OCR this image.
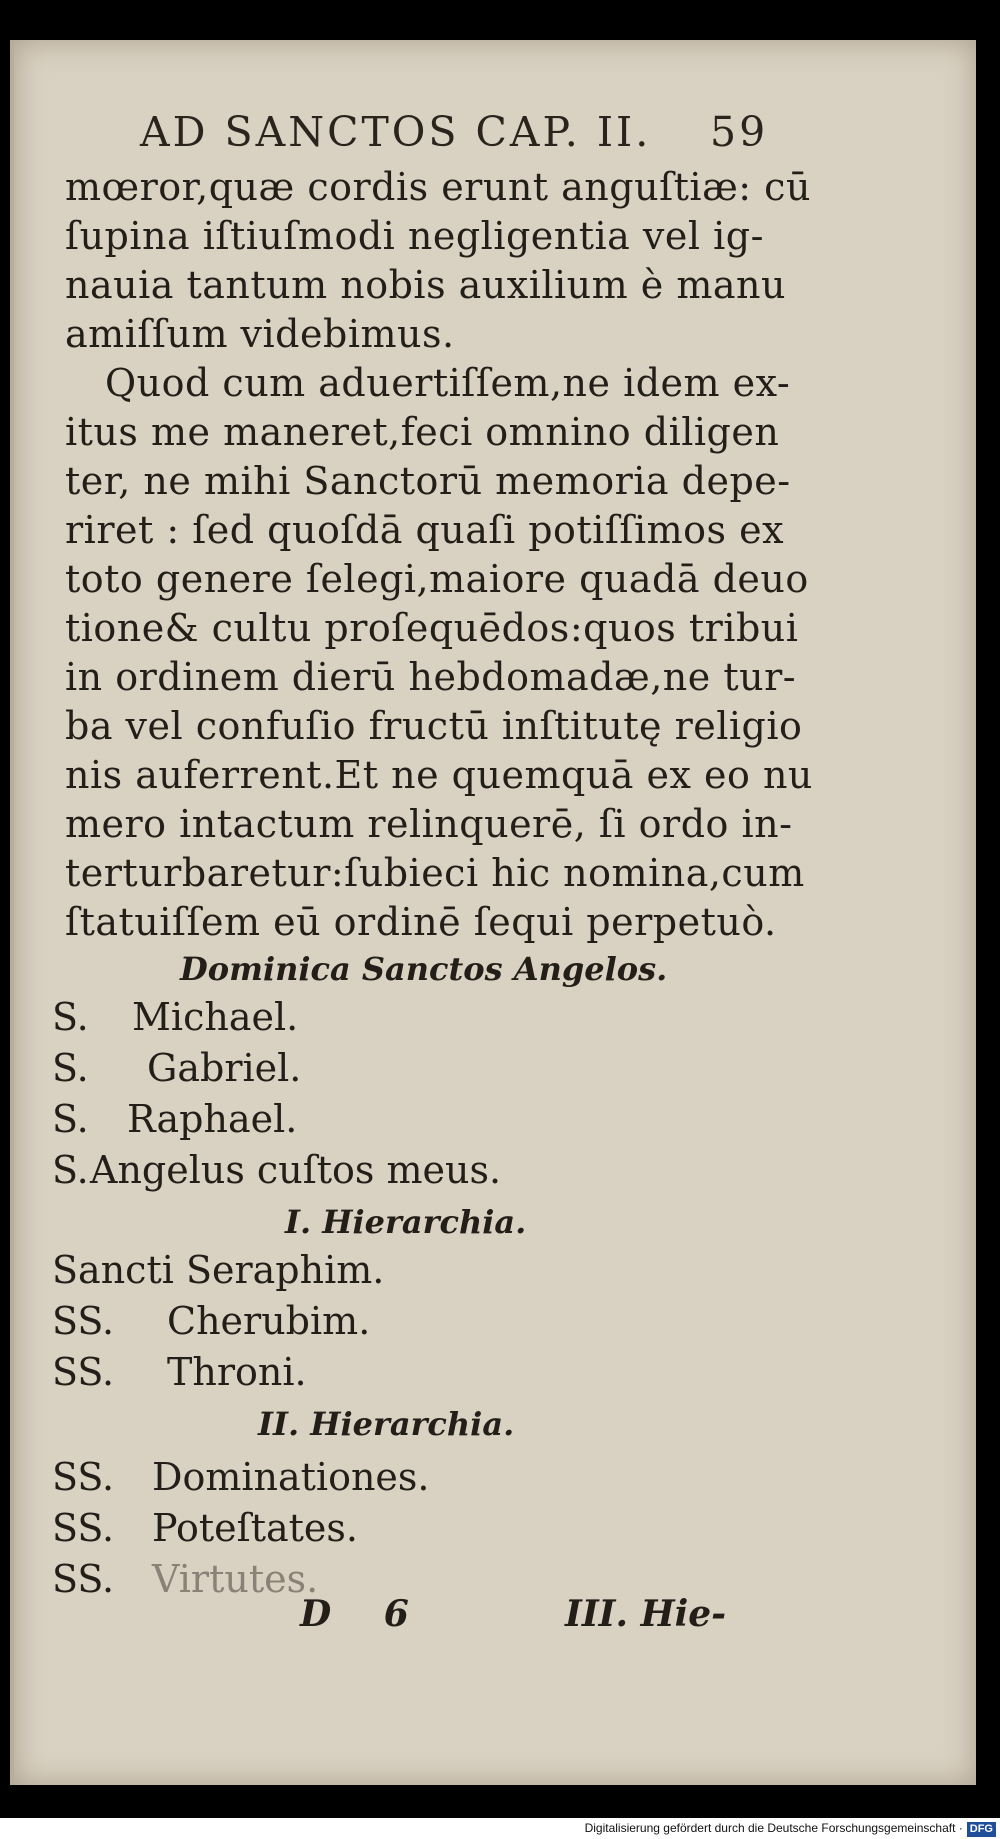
AD SANCTOS CAP. II. 59
mœror,quæ cordis erunt anguſtiæ: cū
ſupina iſtiuſmodi negligentia vel ig-
nauia tantum nobis auxilium è manu
amiſſum videbimus.
Quod cum aduertiſſem,ne idem ex-
itus me maneret,feci omnino diligen
ter, ne mihi Sanctorū memoria depe-
riret : ſed quoſdā quaſi potiſſimos ex
toto genere ſelegi,maiore quadā deuo
tione& cultu proſequēdos:quos tribui
in ordinem dierū hebdomadæ,ne tur-
ba vel confuſio fructū inſtitutę religio
nis auferrent.Et ne quemquā ex eo nu
mero intactum relinquerē, ſi ordo in-
terturbaretur:ſubieci hic nomina,cum
ſtatuiſſem eū ordinē ſequi perpetuò.
Dominica Sanctos Angelos.
S. Michael.
S. Gabriel.
S. Raphael.
S.Angelus cuſtos meus.
I. Hierarchia.
Sancti Seraphim.
SS. Cherubim.
SS. Throni.
II. Hierarchia.
SS. Dominationes.
SS. Poteſtates.
SS. Virtutes.
D 6	III. Hie-
Digitalisierung gefördert durch die Deutsche Forschungsgemeinschaft · DFG
